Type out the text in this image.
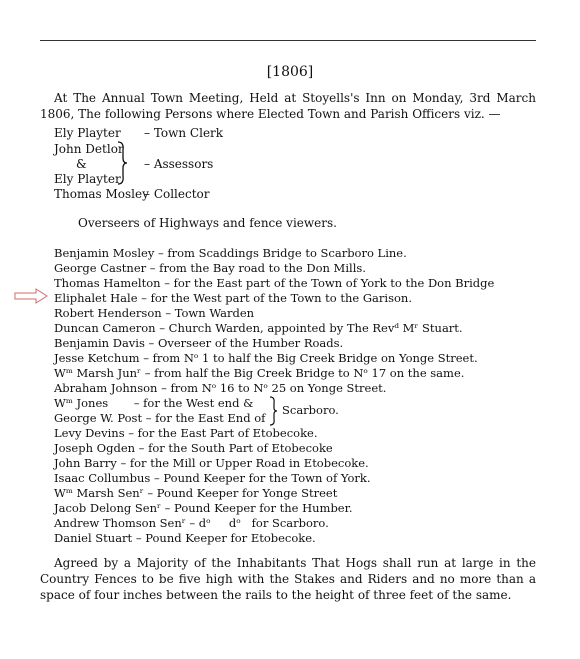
[1806]
At The Annual Town Meeting, Held at Stoyells's Inn on Monday, 3rd March 1806, The following Persons where Elected Town and Parish Officers viz. —
Ely Playter – Town Clerk
John Detlor
&
Ely Playter
– Assessors
Thomas Mosley
– Collector
Overseers of Highways and fence viewers.
Benjamin Mosley – from Scaddings Bridge to Scarboro Line.
George Castner – from the Bay road to the Don Mills.
Thomas Hamelton – for the East part of the Town of York to the Don Bridge
Eliphalet Hale – for the West part of the Town to the Garison.
Robert Henderson – Town Warden
Duncan Cameron – Church Warden, appointed by The Revᵈ Mʳ Stuart.
Benjamin Davis – Overseer of the Humber Roads.
Jesse Ketchum – from Nᵒ 1 to half the Big Creek Bridge on Yonge Street.
Wᵐ Marsh Junʳ – from half the Big Creek Bridge to Nᵒ 17 on the same.
Abraham Johnson – from Nᵒ 16 to Nᵒ 25 on Yonge Street.
Wᵐ Jones       – for the West end &
George W. Post – for the East End of
Levy Devins – for the East Part of Etobecoke.
Joseph Ogden – for the South Part of Etobecoke
John Barry – for the Mill or Upper Road in Etobecoke.
Isaac Collumbus – Pound Keeper for the Town of York.
Wᵐ Marsh Senʳ – Pound Keeper for Yonge Street
Jacob Delong Senʳ – Pound Keeper for the Humber.
Andrew Thomson Senʳ – dᵒ     dᵒ   for Scarboro.
Daniel Stuart – Pound Keeper for Etobecoke.
Scarboro.
Agreed by a Majority of the Inhabitants That Hogs shall run at large in the Country Fences to be five high with the Stakes and Riders and no more than a space of four inches between the rails to the height of three feet of the same.
